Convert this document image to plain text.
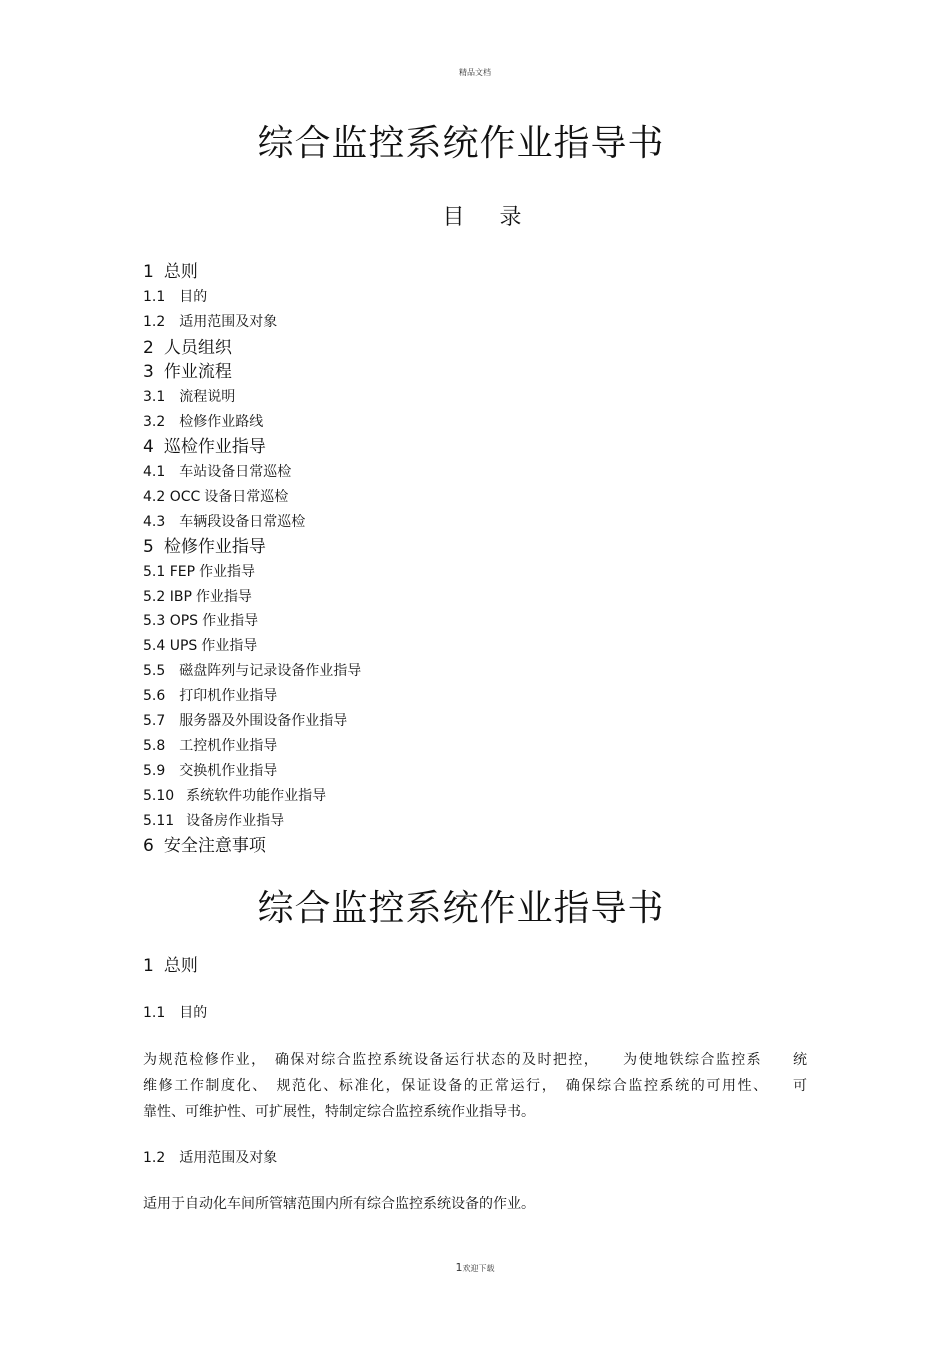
精品文档
综合监控系统作业指导书
目 录
1 总则
1.1 目的
1.2 适用范围及对象
2 人员组织
3 作业流程
3.1 流程说明
3.2 检修作业路线
4 巡检作业指导
4.1 车站设备日常巡检
4.2 OCC 设备日常巡检
4.3 车辆段设备日常巡检
5 检修作业指导
5.1 FEP 作业指导
5.2 IBP 作业指导
5.3 OPS 作业指导
5.4 UPS 作业指导
5.5 磁盘阵列与记录设备作业指导
5.6 打印机作业指导
5.7 服务器及外围设备作业指导
5.8 工控机作业指导
5.9 交换机作业指导
5.10 系统软件功能作业指导
5.11 设备房作业指导
6 安全注意事项
综合监控系统作业指导书
1 总则
1.1 目的
为规范检修作业，　确保对综合监控系统设备运行状态的及时把控，　　为使地铁综合监控系　　统
维修工作制度化、　规范化、标准化，保证设备的正常运行，　确保综合监控系统的可用性、　　可
靠性、可维护性、可扩展性，特制定综合监控系统作业指导书。
1.2 适用范围及对象
适用于自动化车间所管辖范围内所有综合监控系统设备的作业。
1欢迎下载
